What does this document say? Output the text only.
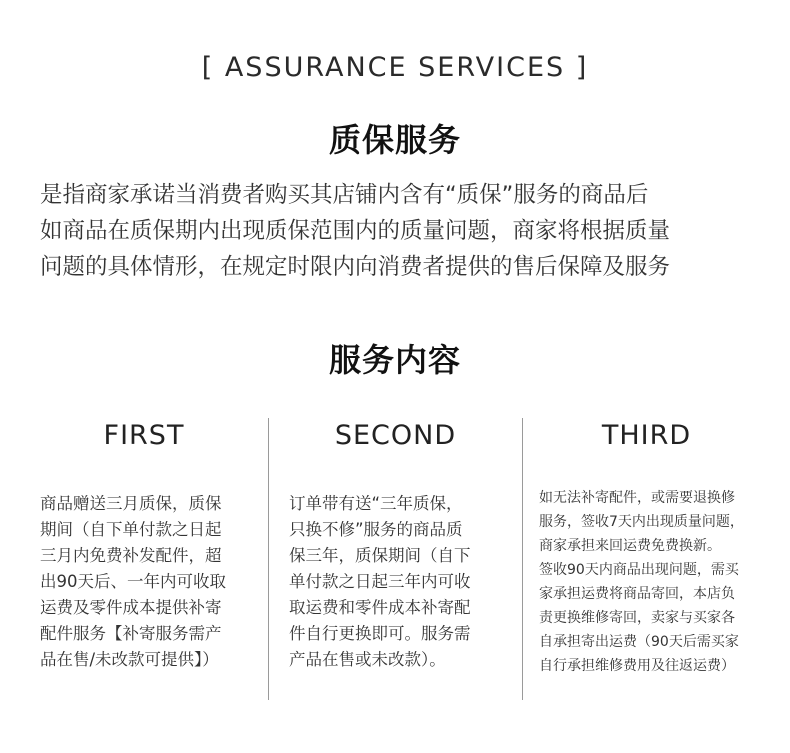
[ ASSURANCE SERVICES ]
质保服务
是指商家承诺当消费者购买其店铺内含有“质保”服务的商品后
如商品在质保期内出现质保范围内的质量问题，商家将根据质量
问题的具体情形，在规定时限内向消费者提供的售后保障及服务
服务内容
FIRST
商品赠送三月质保，质保
期间（自下单付款之日起
三月内免费补发配件，超
出90天后、一年内可收取
运费及零件成本提供补寄
配件服务【补寄服务需产
品在售/未改款可提供】）
SECOND
订单带有送“三年质保，
只换不修”服务的商品质
保三年，质保期间（自下
单付款之日起三年内可收
取运费和零件成本补寄配
件自行更换即可。服务需
产品在售或未改款）。
THIRD
如无法补寄配件，或需要退换修
服务，签收7天内出现质量问题，
商家承担来回运费免费换新。
签收90天内商品出现问题，需买
家承担运费将商品寄回，本店负
责更换维修寄回，卖家与买家各
自承担寄出运费（90天后需买家
自行承担维修费用及往返运费）
